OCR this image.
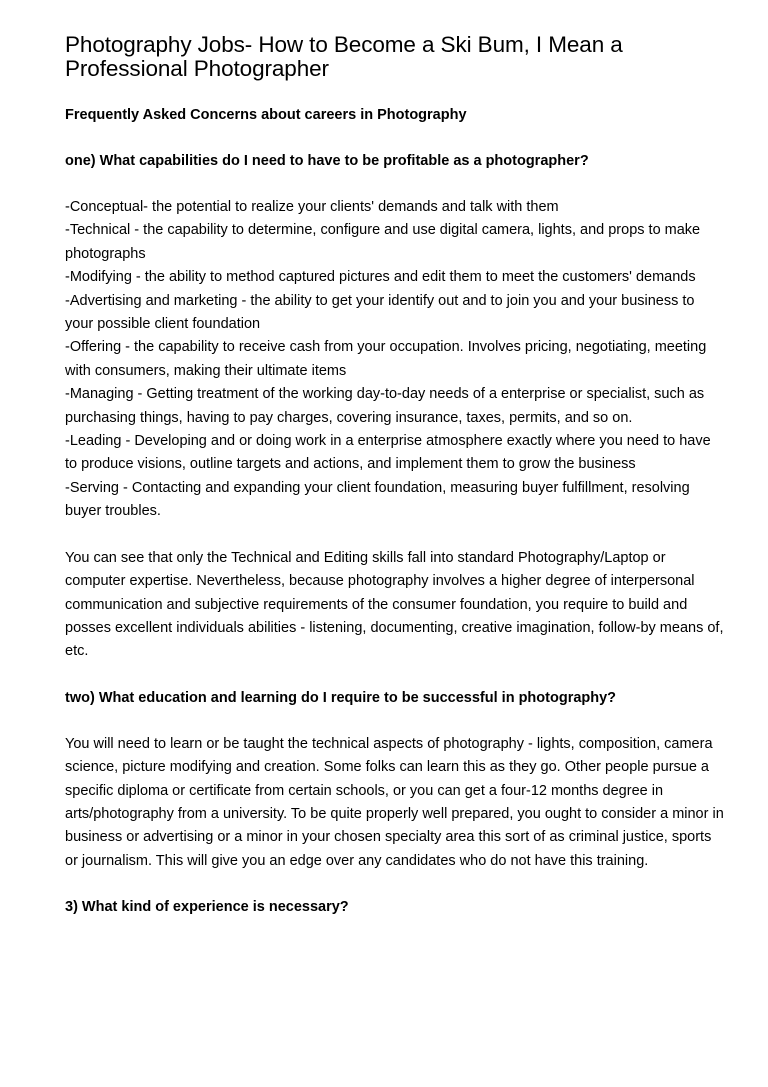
Photography Jobs- How to Become a Ski Bum, I Mean a
Professional Photographer

Frequently Asked Concerns about careers in Photography

one) What capabilities do I need to have to be profitable as a photographer?

-Conceptual- the potential to realize your clients' demands and talk with them
-Technical - the capability to determine, configure and use digital camera, lights, and props to make photographs
-Modifying - the ability to method captured pictures and edit them to meet the customers' demands
-Advertising and marketing - the ability to get your identify out and to join you and your business to your possible client foundation
-Offering - the capability to receive cash from your occupation. Involves pricing, negotiating, meeting with consumers, making their ultimate items
-Managing - Getting treatment of the working day-to-day needs of a enterprise or specialist, such as purchasing things, having to pay charges, covering insurance, taxes, permits, and so on.
-Leading - Developing and or doing work in a enterprise atmosphere exactly where you need to have to produce visions, outline targets and actions, and implement them to grow the business
-Serving - Contacting and expanding your client foundation, measuring buyer fulfillment, resolving buyer troubles.

You can see that only the Technical and Editing skills fall into standard Photography/Laptop or computer expertise. Nevertheless, because photography involves a higher degree of interpersonal communication and subjective requirements of the consumer foundation, you require to build and posses excellent individuals abilities - listening, documenting, creative imagination, follow-by means of, etc.

two) What education and learning do I require to be successful in photography?

You will need to learn or be taught the technical aspects of photography - lights, composition, camera science, picture modifying and creation. Some folks can learn this as they go. Other people pursue a specific diploma or certificate from certain schools, or you can get a four-12 months degree in arts/photography from a university. To be quite properly well prepared, you ought to consider a minor in business or advertising or a minor in your chosen specialty area this sort of as criminal justice, sports or journalism. This will give you an edge over any candidates who do not have this training.

3) What kind of experience is necessary?
